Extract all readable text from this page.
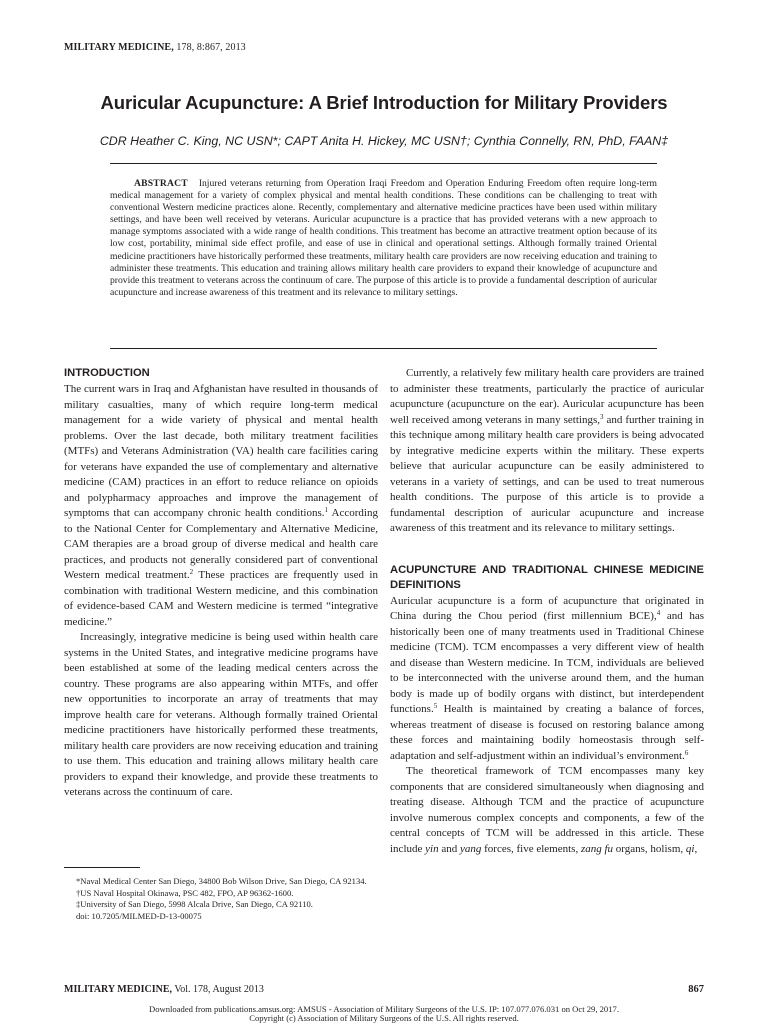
MILITARY MEDICINE, 178, 8:867, 2013
Auricular Acupuncture: A Brief Introduction for Military Providers
CDR Heather C. King, NC USN*; CAPT Anita H. Hickey, MC USN†; Cynthia Connelly, RN, PhD, FAAN‡
ABSTRACT Injured veterans returning from Operation Iraqi Freedom and Operation Enduring Freedom often require long-term medical management for a variety of complex physical and mental health conditions. These conditions can be challenging to treat with conventional Western medicine practices alone. Recently, complementary and alternative medicine practices have been used within military settings, and have been well received by veterans. Auricular acupuncture is a practice that has provided veterans with a new approach to manage symptoms associated with a wide range of health conditions. This treatment has become an attractive treatment option because of its low cost, portability, minimal side effect profile, and ease of use in clinical and operational settings. Although formally trained Oriental medicine practitioners have historically performed these treatments, military health care providers are now receiving education and training to administer these treatments. This education and training allows military health care providers to expand their knowledge of acupuncture and provide this treatment to veterans across the continuum of care. The purpose of this article is to provide a fundamental description of auricular acupuncture and increase awareness of this treatment and its relevance to military settings.
INTRODUCTION

The current wars in Iraq and Afghanistan have resulted in thousands of military casualties, many of which require long-term medical management for a wide variety of physical and mental health problems. Over the last decade, both military treatment facilities (MTFs) and Veterans Administration (VA) health care facilities caring for veterans have expanded the use of complementary and alternative medicine (CAM) practices in an effort to reduce reliance on opioids and polypharmacy approaches and improve the management of symptoms that can accompany chronic health conditions.$^1$ According to the National Center for Complementary and Alternative Medicine, CAM therapies are a broad group of diverse medical and health care practices, and products not generally considered part of conventional Western medical treatment.$^2$ These practices are frequently used in combination with traditional Western medicine, and this combination of evidence-based CAM and Western medicine is termed “integrative medicine.”

Increasingly, integrative medicine is being used within health care systems in the United States, and integrative medicine programs have been established at some of the leading medical centers across the country. These programs are also appearing within MTFs, and offer new opportunities to incorporate an array of treatments that may improve health care for veterans. Although formally trained Oriental medicine practitioners have historically performed these treatments, military health care providers are now receiving education and training to use them. This education and training allows military health care providers to expand their knowledge, and provide these treatments to veterans across the continuum of care.

Currently, a relatively few military health care providers are trained to administer these treatments, particularly the practice of auricular acupuncture (acupuncture on the ear). Auricular acupuncture has been well received among veterans in many settings,$^3$ and further training in this technique among military health care providers is being advocated by integrative medicine experts within the military. These experts believe that auricular acupuncture can be easily administered to veterans in a variety of settings, and can be used to treat numerous health conditions. The purpose of this article is to provide a fundamental description of auricular acupuncture and increase awareness of this treatment and its relevance to military settings.

ACUPUNCTURE AND TRADITIONAL CHINESE MEDICINE DEFINITIONS

Auricular acupuncture is a form of acupuncture that originated in China during the Chou period (first millennium BCE),$^4$ and has historically been one of many treatments used in Traditional Chinese medicine (TCM). TCM encompasses a very different view of health and disease than Western medicine. In TCM, individuals are believed to be interconnected with the universe around them, and the human body is made up of bodily organs with distinct, but interdependent functions.$^5$ Health is maintained by creating a balance of forces, whereas treatment of disease is focused on restoring balance among these forces and maintaining bodily homeostasis through self-adaptation and self-adjustment within an individual’s environment.$^6$

The theoretical framework of TCM encompasses many key components that are considered simultaneously when diagnosing and treating disease. Although TCM and the practice of acupuncture involve numerous complex concepts and components, a few of the central concepts of TCM will be addressed in this article. These include yin and yang forces, five elements, zang fu organs, holism, qi,

*Naval Medical Center San Diego, 34800 Bob Wilson Drive, San Diego, CA 92134.
†US Naval Hospital Okinawa, PSC 482, FPO, AP 96362-1600.
‡University of San Diego, 5998 Alcala Drive, San Diego, CA 92110.
doi: 10.7205/MILMED-D-13-00075
MILITARY MEDICINE, Vol. 178, August 2013	867
Downloaded from publications.amsus.org: AMSUS - Association of Military Surgeons of the U.S. IP: 107.077.076.031 on Oct 29, 2017.
Copyright (c) Association of Military Surgeons of the U.S. All rights reserved.
